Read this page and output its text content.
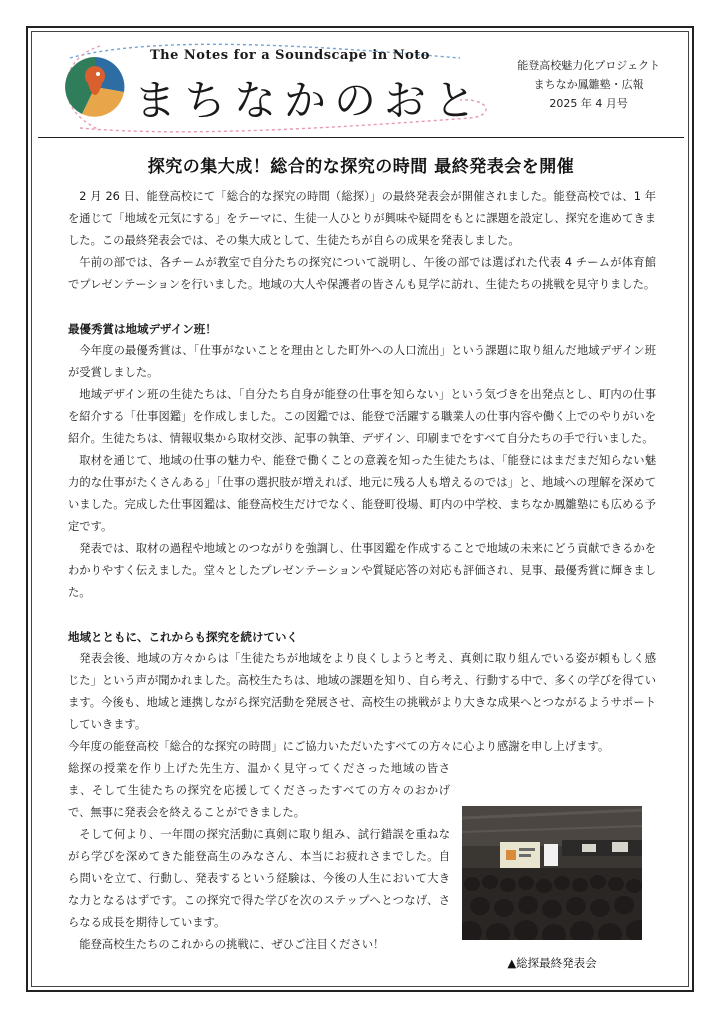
The Notes for a Soundscape in Noto
まちなかのおと
能登高校魅力化プロジェクト
まちなか鳳雛塾・広報
2025 年 4 月号
探究の集大成！総合的な探究の時間 最終発表会を開催

2 月 26 日、能登高校にて「総合的な探究の時間（総探）」の最終発表会が開催されました。能登高校では、1 年を通じて「地域を元気にする」をテーマに、生徒一人ひとりが興味や疑問をもとに課題を設定し、探究を進めてきました。この最終発表会では、その集大成として、生徒たちが自らの成果を発表しました。

午前の部では、各チームが教室で自分たちの探究について説明し、午後の部では選ばれた代表 4 チームが体育館でプレゼンテーションを行いました。地域の大人や保護者の皆さんも見学に訪れ、生徒たちの挑戦を見守りました。

最優秀賞は地域デザイン班！

今年度の最優秀賞は、「仕事がないことを理由とした町外への人口流出」という課題に取り組んだ地域デザイン班が受賞しました。

地域デザイン班の生徒たちは、「自分たち自身が能登の仕事を知らない」という気づきを出発点とし、町内の仕事を紹介する「仕事図鑑」を作成しました。この図鑑では、能登で活躍する職業人の仕事内容や働く上でのやりがいを紹介。生徒たちは、情報収集から取材交渉、記事の執筆、デザイン、印刷までをすべて自分たちの手で行いました。

取材を通じて、地域の仕事の魅力や、能登で働くことの意義を知った生徒たちは、「能登にはまだまだ知らない魅力的な仕事がたくさんある」「仕事の選択肢が増えれば、地元に残る人も増えるのでは」と、地域への理解を深めていました。完成した仕事図鑑は、能登高校生だけでなく、能登町役場、町内の中学校、まちなか鳳雛塾にも広める予定です。

発表では、取材の過程や地域とのつながりを強調し、仕事図鑑を作成することで地域の未来にどう貢献できるかをわかりやすく伝えました。堂々としたプレゼンテーションや質疑応答の対応も評価され、見事、最優秀賞に輝きました。

地域とともに、これからも探究を続けていく

発表会後、地域の方々からは「生徒たちが地域をより良くしようと考え、真剣に取り組んでいる姿が頼もしく感じた」という声が聞かれました。高校生たちは、地域の課題を知り、自ら考え、行動する中で、多くの学びを得ています。今後も、地域と連携しながら探究活動を発展させ、高校生の挑戦がより大きな成果へとつながるようサポートしていきます。

今年度の能登高校「総合的な探究の時間」にご協力いただいたすべての方々に心より感謝を申し上げます。

総探の授業を作り上げた先生方、温かく見守ってくださった地域の皆さま、そして生徒たちの探究を応援してくださったすべての方々のおかげで、無事に発表会を終えることができました。

そして何より、一年間の探究活動に真剣に取り組み、試行錯誤を重ねながら学びを深めてきた能登高生のみなさん、本当にお疲れさまでした。自ら問いを立て、行動し、発表するという経験は、今後の人生において大きな力となるはずです。この探究で得た学びを次のステップへとつなげ、さらなる成長を期待しています。

能登高校生たちのこれからの挑戦に、ぜひご注目ください！

▲総探最終発表会
